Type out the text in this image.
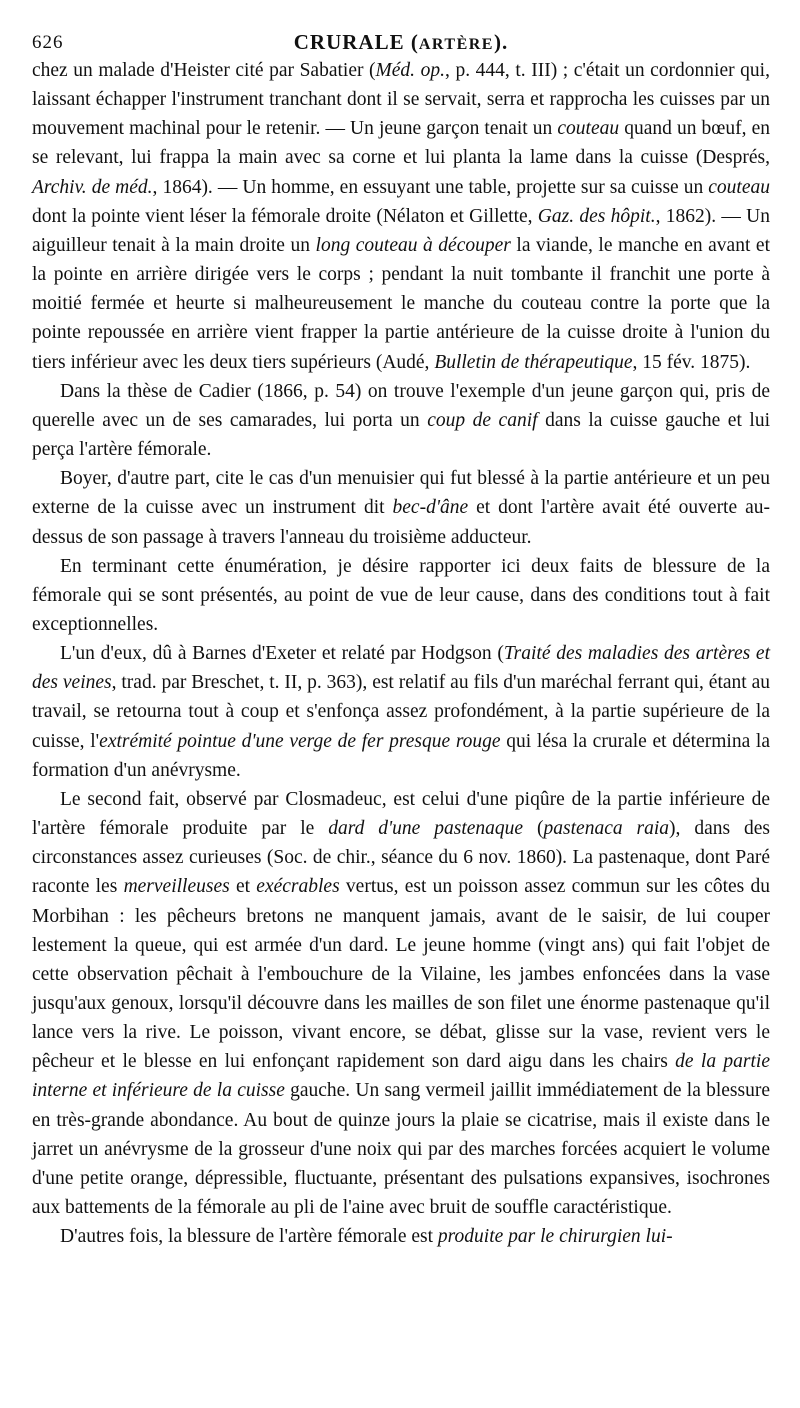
626	CRURALE (ARTÈRE).

chez un malade d'Heister cité par Sabatier (Méd. op., p. 444, t. III) ; c'était un cordonnier qui, laissant échapper l'instrument tranchant dont il se servait, serra et rapprocha les cuisses par un mouvement machinal pour le retenir. — Un jeune garçon tenait un couteau quand un bœuf, en se relevant, lui frappa la main avec sa corne et lui planta la lame dans la cuisse (Després, Archiv. de méd., 1864). — Un homme, en essuyant une table, projette sur sa cuisse un couteau dont la pointe vient léser la fémorale droite (Nélaton et Gillette, Gaz. des hôpit., 1862). — Un aiguilleur tenait à la main droite un long couteau à découper la viande, le manche en avant et la pointe en arrière dirigée vers le corps ; pendant la nuit tombante il franchit une porte à moitié fermée et heurte si malheureusement le manche du couteau contre la porte que la pointe repoussée en arrière vient frapper la partie antérieure de la cuisse droite à l'union du tiers inférieur avec les deux tiers supérieurs (Audé, Bulletin de thérapeutique, 15 fév. 1875).

Dans la thèse de Cadier (1866, p. 54) on trouve l'exemple d'un jeune garçon qui, pris de querelle avec un de ses camarades, lui porta un coup de canif dans la cuisse gauche et lui perça l'artère fémorale.

Boyer, d'autre part, cite le cas d'un menuisier qui fut blessé à la partie antérieure et un peu externe de la cuisse avec un instrument dit bec-d'âne et dont l'artère avait été ouverte au-dessus de son passage à travers l'anneau du troisième adducteur.

En terminant cette énumération, je désire rapporter ici deux faits de blessure de la fémorale qui se sont présentés, au point de vue de leur cause, dans des conditions tout à fait exceptionnelles.

L'un d'eux, dû à Barnes d'Exeter et relaté par Hodgson (Traité des maladies des artères et des veines, trad. par Breschet, t. II, p. 363), est relatif au fils d'un maréchal ferrant qui, étant au travail, se retourna tout à coup et s'enfonça assez profondément, à la partie supérieure de la cuisse, l'extrémité pointue d'une verge de fer presque rouge qui lésa la crurale et détermina la formation d'un anévrysme.

Le second fait, observé par Closmadeuc, est celui d'une piqûre de la partie inférieure de l'artère fémorale produite par le dard d'une pastenaque (pastenaca raia), dans des circonstances assez curieuses (Soc. de chir., séance du 6 nov. 1860). La pastenaque, dont Paré raconte les merveilleuses et exécrables vertus, est un poisson assez commun sur les côtes du Morbihan : les pêcheurs bretons ne manquent jamais, avant de le saisir, de lui couper lestement la queue, qui est armée d'un dard. Le jeune homme (vingt ans) qui fait l'objet de cette observation pêchait à l'embouchure de la Vilaine, les jambes enfoncées dans la vase jusqu'aux genoux, lorsqu'il découvre dans les mailles de son filet une énorme pastenaque qu'il lance vers la rive. Le poisson, vivant encore, se débat, glisse sur la vase, revient vers le pêcheur et le blesse en lui enfonçant rapidement son dard aigu dans les chairs de la partie interne et inférieure de la cuisse gauche. Un sang vermeil jaillit immédiatement de la blessure en très-grande abondance. Au bout de quinze jours la plaie se cicatrise, mais il existe dans le jarret un anévrysme de la grosseur d'une noix qui par des marches forcées acquiert le volume d'une petite orange, dépressible, fluctuante, présentant des pulsations expansives, isochrones aux battements de la fémorale au pli de l'aine avec bruit de souffle caractéristique.

D'autres fois, la blessure de l'artère fémorale est produite par le chirurgien lui-
